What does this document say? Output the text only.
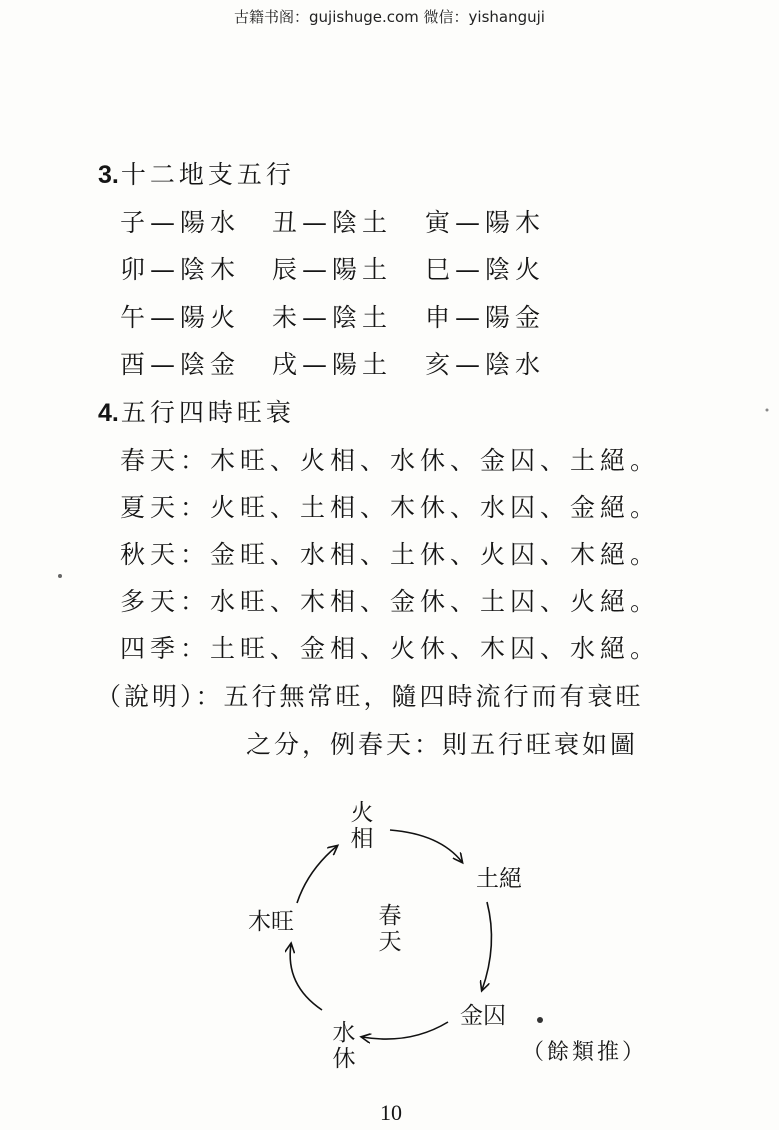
古籍书阁：gujishuge.com 微信：yishanguji
3.十二地支五行
子—陽水 丑—陰土 寅—陽木
卯—陰木 辰—陽土 巳—陰火
午—陽火 未—陰土 申—陽金
酉—陰金 戌—陽土 亥—陰水
4.五行四時旺衰
春天：木旺、火相、水休、金囚、土絕。
夏天：火旺、土相、木休、水囚、金絕。
秋天：金旺、水相、土休、火囚、木絕。
多天：水旺、木相、金休、土囚、火絕。
四季：土旺、金相、火休、木囚、水絕。
（說明）：五行無常旺，隨四時流行而有衰旺
之分，例春天：則五行旺衰如圖
火
相
土絕
金囚
水
休
木旺	春
天
（餘類推）
10
